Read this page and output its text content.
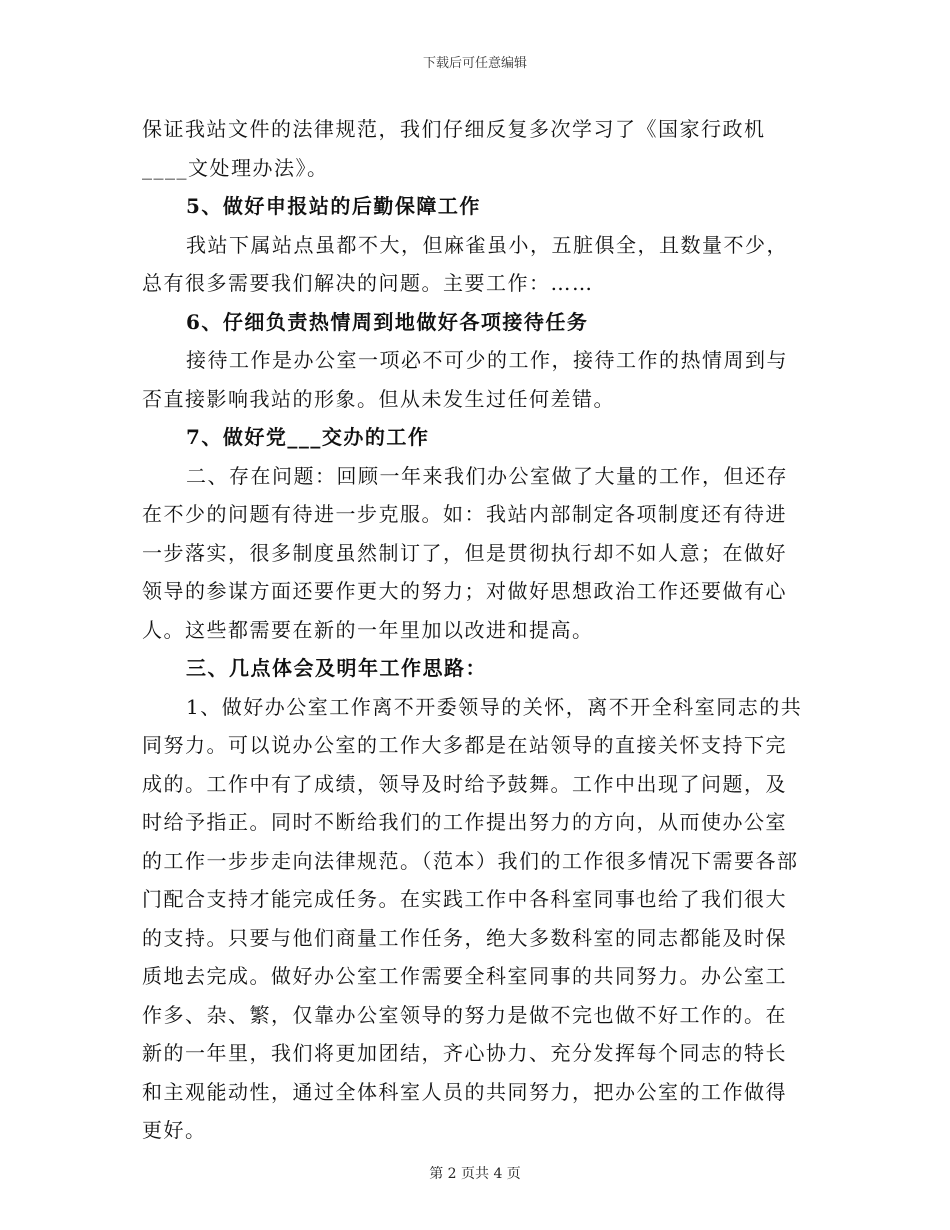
下载后可任意编辑

保证我站文件的法律规范，我们仔细反复多次学习了《国家行政机____文处理办法》。

5、做好申报站的后勤保障工作

我站下属站点虽都不大，但麻雀虽小，五脏俱全，且数量不少，总有很多需要我们解决的问题。主要工作：……

6、仔细负责热情周到地做好各项接待任务

接待工作是办公室一项必不可少的工作，接待工作的热情周到与否直接影响我站的形象。但从未发生过任何差错。

7、做好党___交办的工作

二、存在问题：回顾一年来我们办公室做了大量的工作，但还存在不少的问题有待进一步克服。如：我站内部制定各项制度还有待进一步落实，很多制度虽然制订了，但是贯彻执行却不如人意；在做好领导的参谋方面还要作更大的努力；对做好思想政治工作还要做有心人。这些都需要在新的一年里加以改进和提高。

三、几点体会及明年工作思路：

1、做好办公室工作离不开委领导的关怀，离不开全科室同志的共同努力。可以说办公室的工作大多都是在站领导的直接关怀支持下完成的。工作中有了成绩，领导及时给予鼓舞。工作中出现了问题，及时给予指正。同时不断给我们的工作提出努力的方向，从而使办公室的工作一步步走向法律规范。（范本）我们的工作很多情况下需要各部门配合支持才能完成任务。在实践工作中各科室同事也给了我们很大的支持。只要与他们商量工作任务，绝大多数科室的同志都能及时保质地去完成。做好办公室工作需要全科室同事的共同努力。办公室工作多、杂、繁，仅靠办公室领导的努力是做不完也做不好工作的。在新的一年里，我们将更加团结，齐心协力、充分发挥每个同志的特长和主观能动性，通过全体科室人员的共同努力，把办公室的工作做得更好。

第 2 页共 4 页
